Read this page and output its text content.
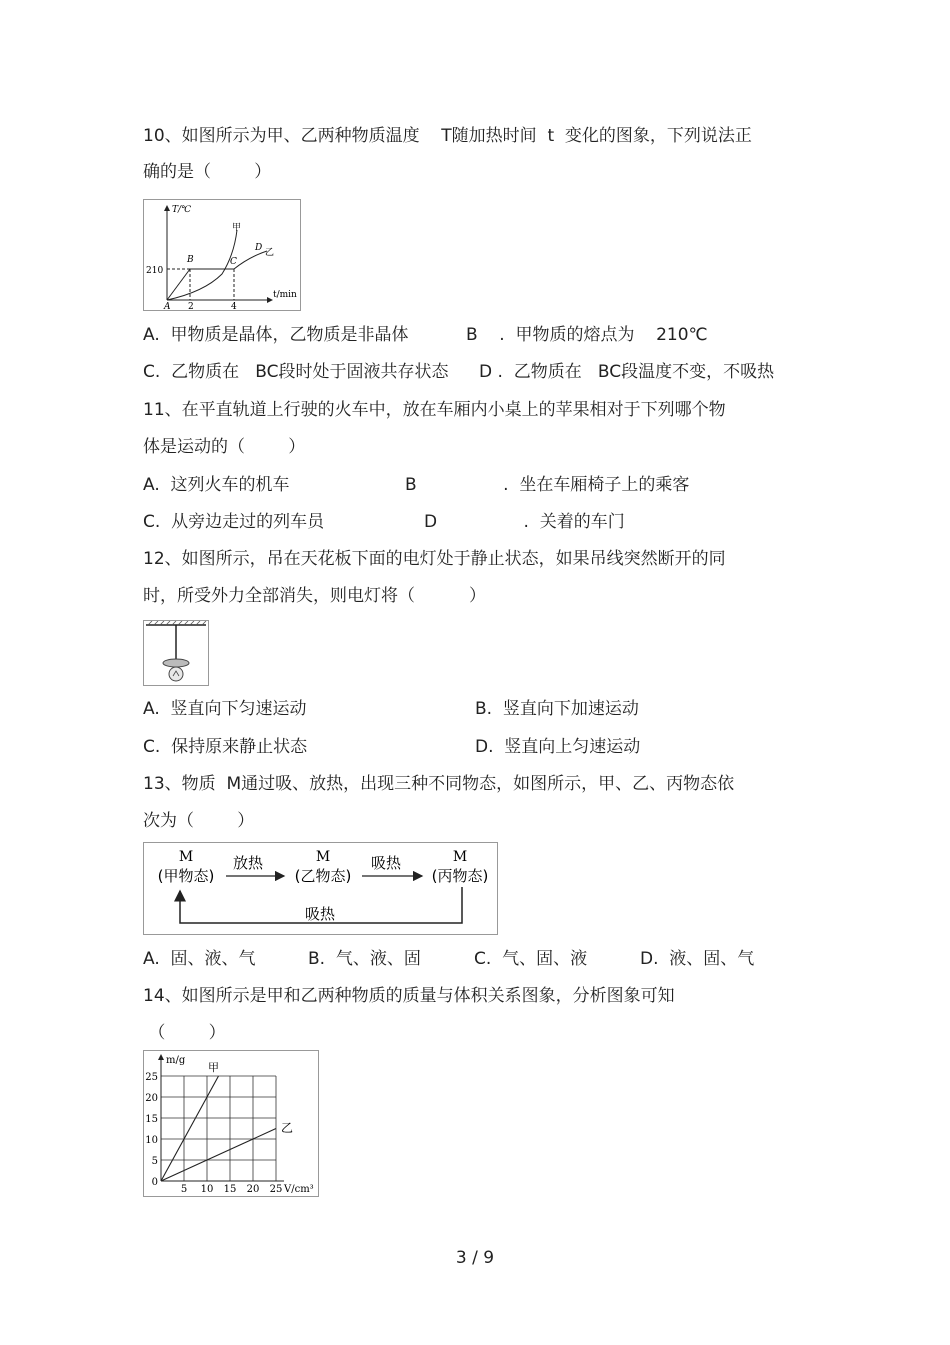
10、如图所示为甲、乙两种物质温度    T随加热时间  t  变化的图象，下列说法正
确的是（        ）
T/℃
t/min
210
2	4
A
B	C
D
甲
乙
A.  甲物质是晶体，乙物质是非晶体	B    .  甲物质的熔点为    210℃
C.  乙物质在   BC段时处于固液共存状态 D .  乙物质在   BC段温度不变，不吸热
11、在平直轨道上行驶的火车中，放在车厢内小桌上的苹果相对于下列哪个物
体是运动的（        ）
A.  这列火车的机车	B                .  坐在车厢椅子上的乘客
C.  从旁边走过的列车员	D                .  关着的车门
12、如图所示，吊在天花板下面的电灯处于静止状态，如果吊线突然断开的同
时，所受外力全部消失，则电灯将（          ）
A.  竖直向下匀速运动	B.  竖直向下加速运动
C.  保持原来静止状态	D.  竖直向上匀速运动
13、物质  M通过吸、放热，出现三种不同物态，如图所示，甲、乙、丙物态依
次为（        ）
M
(甲物态)
M
(乙物态)
M
(丙物态)
放热	吸热
吸热
A.  固、液、气	B.  气、液、固	C.  气、固、液	D.  液、固、气
14、如图所示是甲和乙两种物质的质量与体积关系图象，分析图象可知
（        ）
m/g
V/cm³
0
5
10
15
20
25
5 10 15 20 25
甲
乙
3 / 9
